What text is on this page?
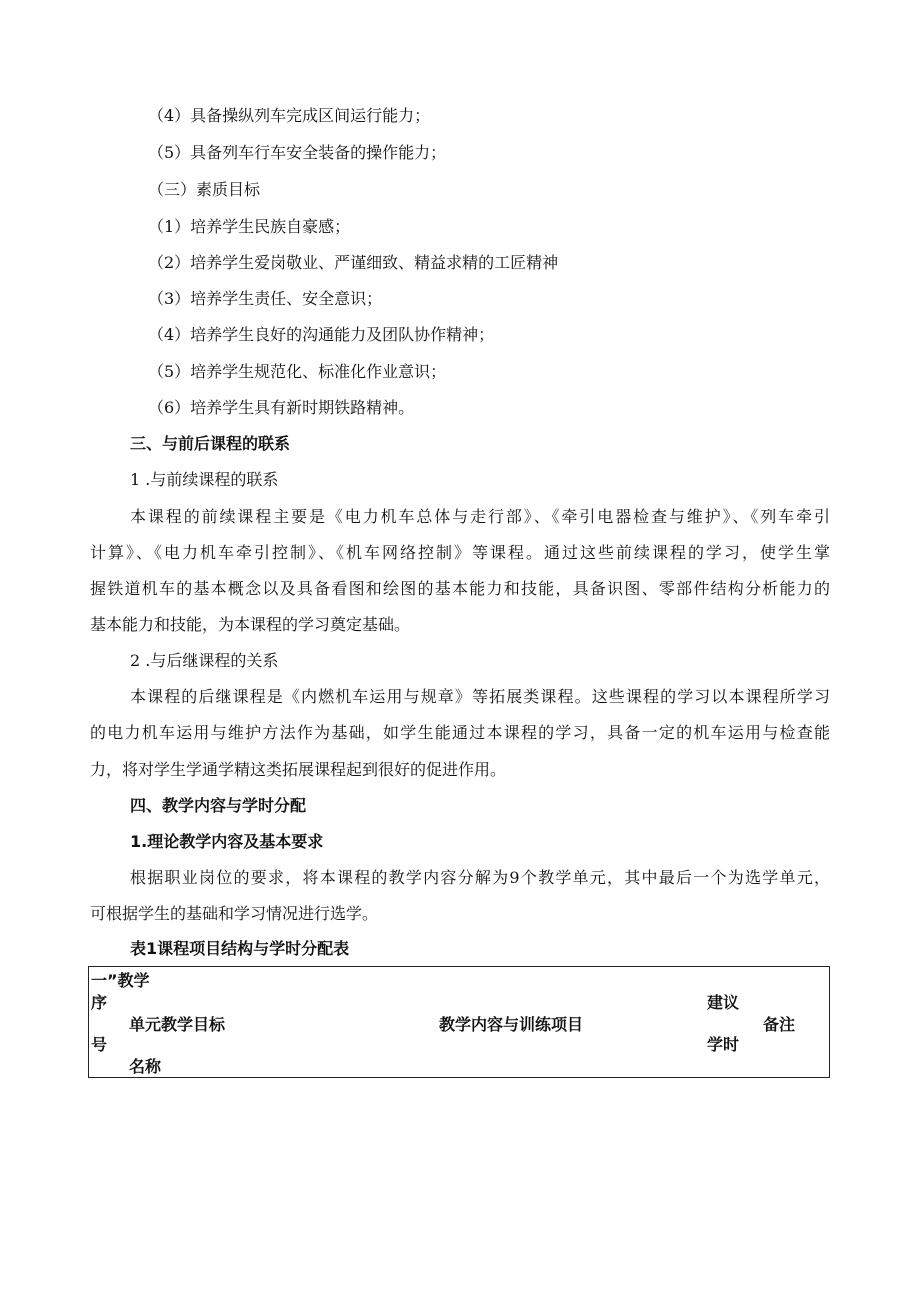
（4）具备操纵列车完成区间运行能力；
（5）具备列车行车安全装备的操作能力；
（三）素质目标
（1）培养学生民族自豪感；
（2）培养学生爱岗敬业、严谨细致、精益求精的工匠精神
（3）培养学生责任、安全意识；
（4）培养学生良好的沟通能力及团队协作精神；
（5）培养学生规范化、标准化作业意识；
（6）培养学生具有新时期铁路精神。
三、与前后课程的联系
1 .与前续课程的联系
本课程的前续课程主要是《电力机车总体与走行部》、《牵引电器检查与维护》、《列车牵引
计算》、《电力机车牵引控制》、《机车网络控制》等课程。通过这些前续课程的学习，使学生掌
握铁道机车的基本概念以及具备看图和绘图的基本能力和技能，具备识图、零部件结构分析能力的
基本能力和技能，为本课程的学习奠定基础。
2 .与后继课程的关系
本课程的后继课程是《内燃机车运用与规章》等拓展类课程。这些课程的学习以本课程所学习
的电力机车运用与维护方法作为基础，如学生能通过本课程的学习，具备一定的机车运用与检查能
力，将对学生学通学精这类拓展课程起到很好的促进作用。
四、教学内容与学时分配
1.理论教学内容及基本要求
根据职业岗位的要求，将本课程的教学内容分解为9个教学单元，其中最后一个为选学单元，
可根据学生的基础和学习情况进行选学。
表1课程项目结构与学时分配表
一”教学
序
号
单元教学目标
名称
教学内容与训练项目
建议
学时
备注
